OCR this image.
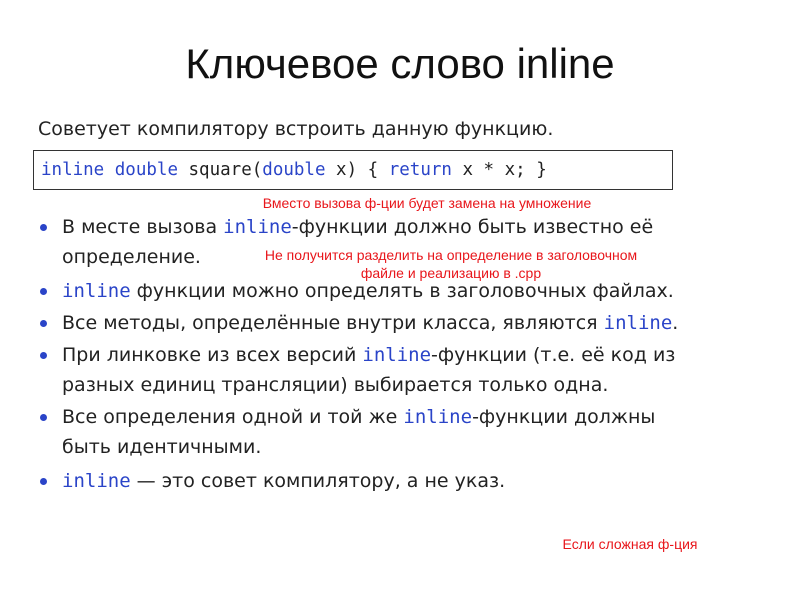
Ключевое слово inline
Советует компилятору встроить данную функцию.
inline double square(double x) { return x * x; }
В месте вызова inline-функции должно быть известно её определение.
inline функции можно определять в заголовочных файлах.
Все методы, определённые внутри класса, являются inline.
При линковке из всех версий inline-функции (т.е. её код из разных единиц трансляции) выбирается только одна.
Все определения одной и той же inline-функции должны быть идентичными.
inline — это совет компилятору, а не указ.
Вместо вызова ф-ции будет замена на умножение
Не получится разделить на определение в заголовочном файле и реализацию в .cpp
Если сложная ф-ция
